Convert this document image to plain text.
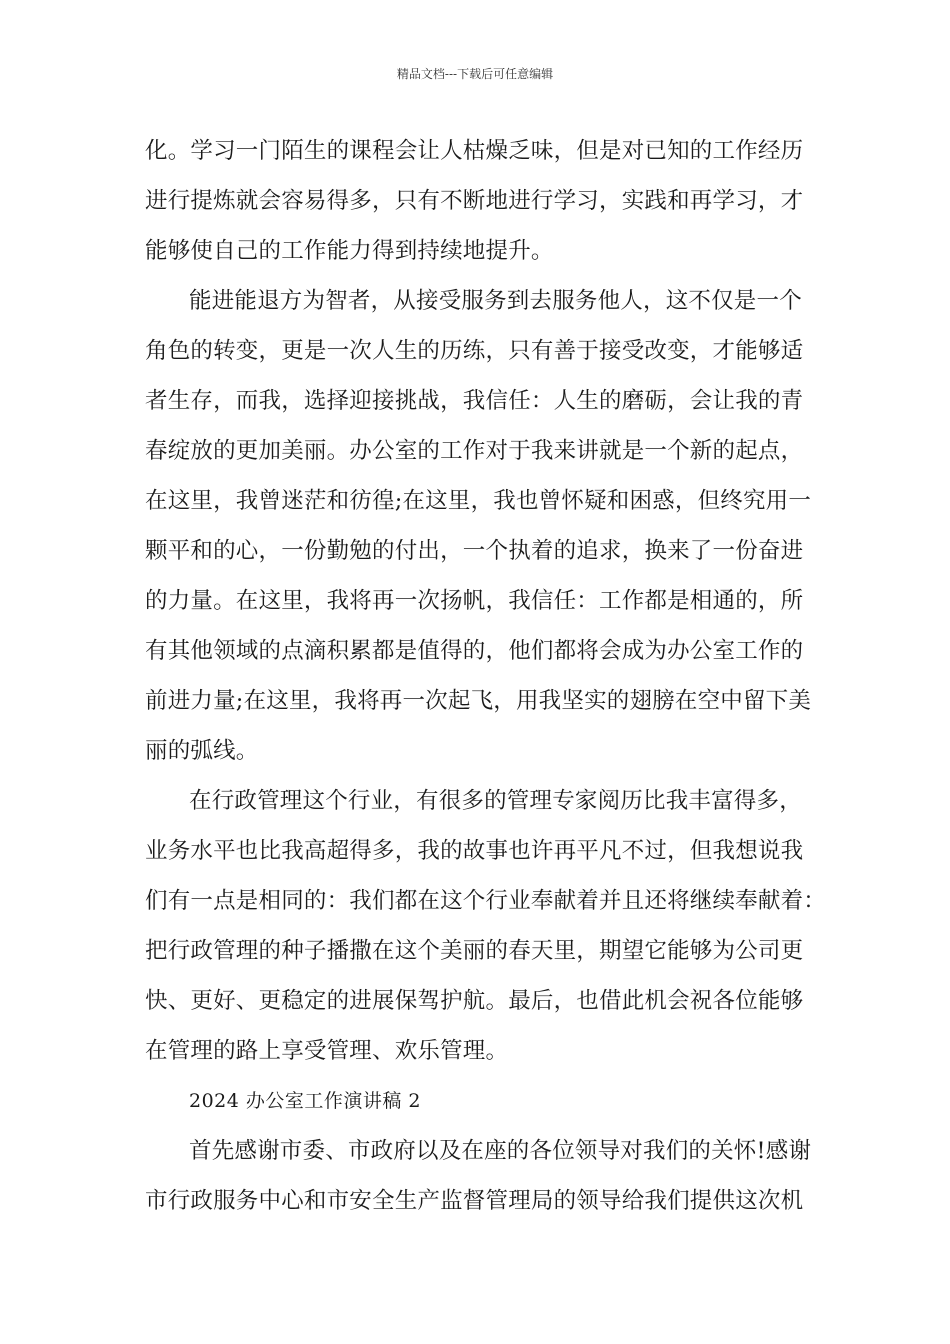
精品文档---下载后可任意编辑
化。学习一门陌生的课程会让人枯燥乏味，但是对已知的工作经历
进行提炼就会容易得多，只有不断地进行学习，实践和再学习，才
能够使自己的工作能力得到持续地提升。
能进能退方为智者，从接受服务到去服务他人，这不仅是一个
角色的转变，更是一次人生的历练，只有善于接受改变，才能够适
者生存，而我，选择迎接挑战，我信任：人生的磨砺，会让我的青
春绽放的更加美丽。办公室的工作对于我来讲就是一个新的起点，
在这里，我曾迷茫和彷徨;在这里，我也曾怀疑和困惑，但终究用一
颗平和的心，一份勤勉的付出，一个执着的追求，换来了一份奋进
的力量。在这里，我将再一次扬帆，我信任：工作都是相通的，所
有其他领域的点滴积累都是值得的，他们都将会成为办公室工作的
前进力量;在这里，我将再一次起飞，用我坚实的翅膀在空中留下美
丽的弧线。
在行政管理这个行业，有很多的管理专家阅历比我丰富得多，
业务水平也比我高超得多，我的故事也许再平凡不过，但我想说我
们有一点是相同的：我们都在这个行业奉献着并且还将继续奉献着：
把行政管理的种子播撒在这个美丽的春天里，期望它能够为公司更
快、更好、更稳定的进展保驾护航。最后，也借此机会祝各位能够
在管理的路上享受管理、欢乐管理。
2024 办公室工作演讲稿 2
首先感谢市委、市政府以及在座的各位领导对我们的关怀!感谢
市行政服务中心和市安全生产监督管理局的领导给我们提供这次机
